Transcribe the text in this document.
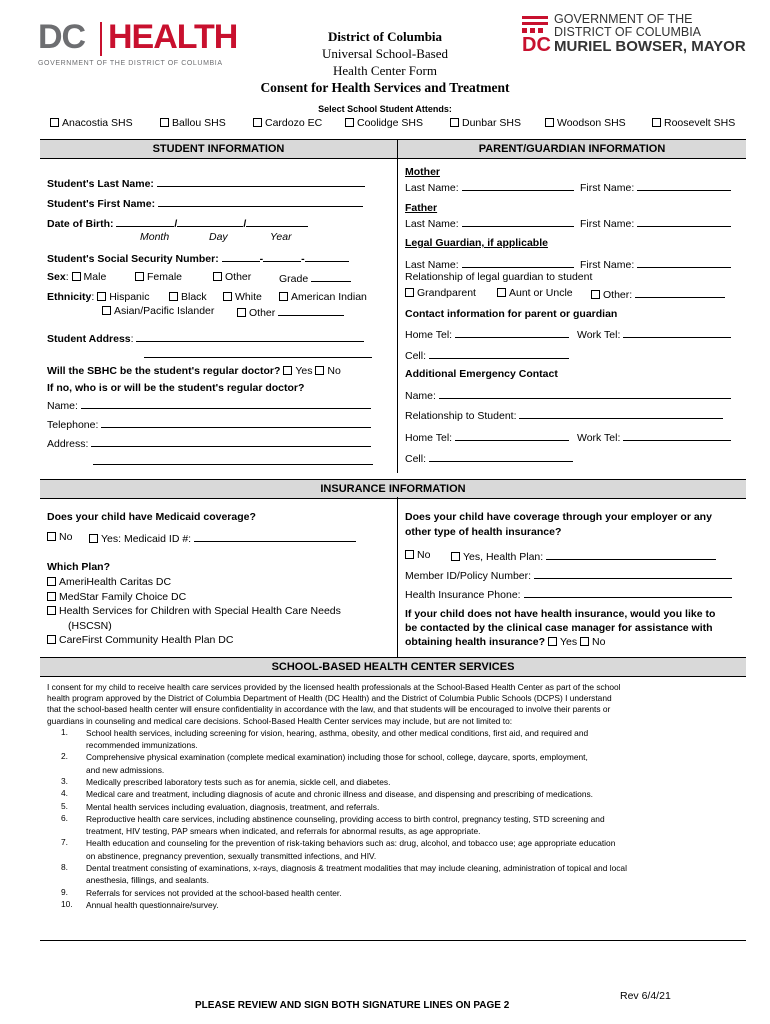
DC HEALTH
GOVERNMENT OF THE DISTRICT OF COLUMBIA
District of Columbia
Universal School-Based
Health Center Form
Consent for Health Services and Treatment
DC
GOVERNMENT OF THE
DISTRICT OF COLUMBIA
MURIEL BOWSER, MAYOR
Select School Student Attends:
Anacostia SHS	Ballou SHS	Cardozo EC	Coolidge SHS	Dunbar SHS	Woodson SHS	Roosevelt SHS
STUDENT INFORMATION	PARENT/GUARDIAN INFORMATION
Student's Last Name:
Student's First Name:
Date of Birth:	/	/
Month	Day	Year
Student's Social Security Number:	-	-
Sex: Male	Female	Other	Grade
Ethnicity: Hispanic	Black	White	American Indian
Asian/Pacific Islander	Other
Student Address:
Will the SBHC be the student's regular doctor? Yes No
If no, who is or will be the student's regular doctor?
Name:
Telephone:
Address:
Mother
Last Name:	First Name:
Father
Last Name:	First Name:
Legal Guardian, if applicable
Last Name:	First Name:
Relationship of legal guardian to student
Grandparent	Aunt or Uncle	Other:
Contact information for parent or guardian
Home Tel:	Work Tel:
Cell:
Additional Emergency Contact
Name:
Relationship to Student:
Home Tel:	Work Tel:
Cell:
INSURANCE INFORMATION
Does your child have Medicaid coverage?
No	Yes: Medicaid ID #:
Which Plan?
AmeriHealth Caritas DC
MedStar Family Choice DC
Health Services for Children with Special Health Care Needs
(HSCSN)
CareFirst Community Health Plan DC
Does your child have coverage through your employer or any
other type of health insurance?
No	Yes, Health Plan:
Member ID/Policy Number:
Health Insurance Phone:
If your child does not have health insurance, would you like to
be contacted by the clinical case manager for assistance with
obtaining health insurance? Yes No
SCHOOL-BASED HEALTH CENTER SERVICES
I consent for my child to receive health care services provided by the licensed health professionals at the School-Based Health Center as part of the school
health program approved by the District of Columbia Department of Health (DC Health) and the District of Columbia Public Schools (DCPS) I understand
that the school-based health center will ensure confidentiality in accordance with the law, and that students will be encouraged to involve their parents or
guardians in counseling and medical care decisions. School-Based Health Center services may include, but are not limited to:
1. School health services, including screening for vision, hearing, asthma, obesity, and other medical conditions, first aid, and required and
recommended immunizations.
2. Comprehensive physical examination (complete medical examination) including those for school, college, daycare, sports, employment,
and new admissions.
3. Medically prescribed laboratory tests such as for anemia, sickle cell, and diabetes.
4. Medical care and treatment, including diagnosis of acute and chronic illness and disease, and dispensing and prescribing of medications.
5. Mental health services including evaluation, diagnosis, treatment, and referrals.
6. Reproductive health care services, including abstinence counseling, providing access to birth control, pregnancy testing, STD screening and
treatment, HIV testing, PAP smears when indicated, and referrals for abnormal results, as age appropriate.
7. Health education and counseling for the prevention of risk-taking behaviors such as: drug, alcohol, and tobacco use; age appropriate education
on abstinence, pregnancy prevention, sexually transmitted infections, and HIV.
8. Dental treatment consisting of examinations, x-rays, diagnosis & treatment modalities that may include cleaning, administration of topical and local
anesthesia, fillings, and sealants.
9. Referrals for services not provided at the school-based health center.
10. Annual health questionnaire/survey.
Rev 6/4/21
PLEASE REVIEW AND SIGN BOTH SIGNATURE LINES ON PAGE 2
